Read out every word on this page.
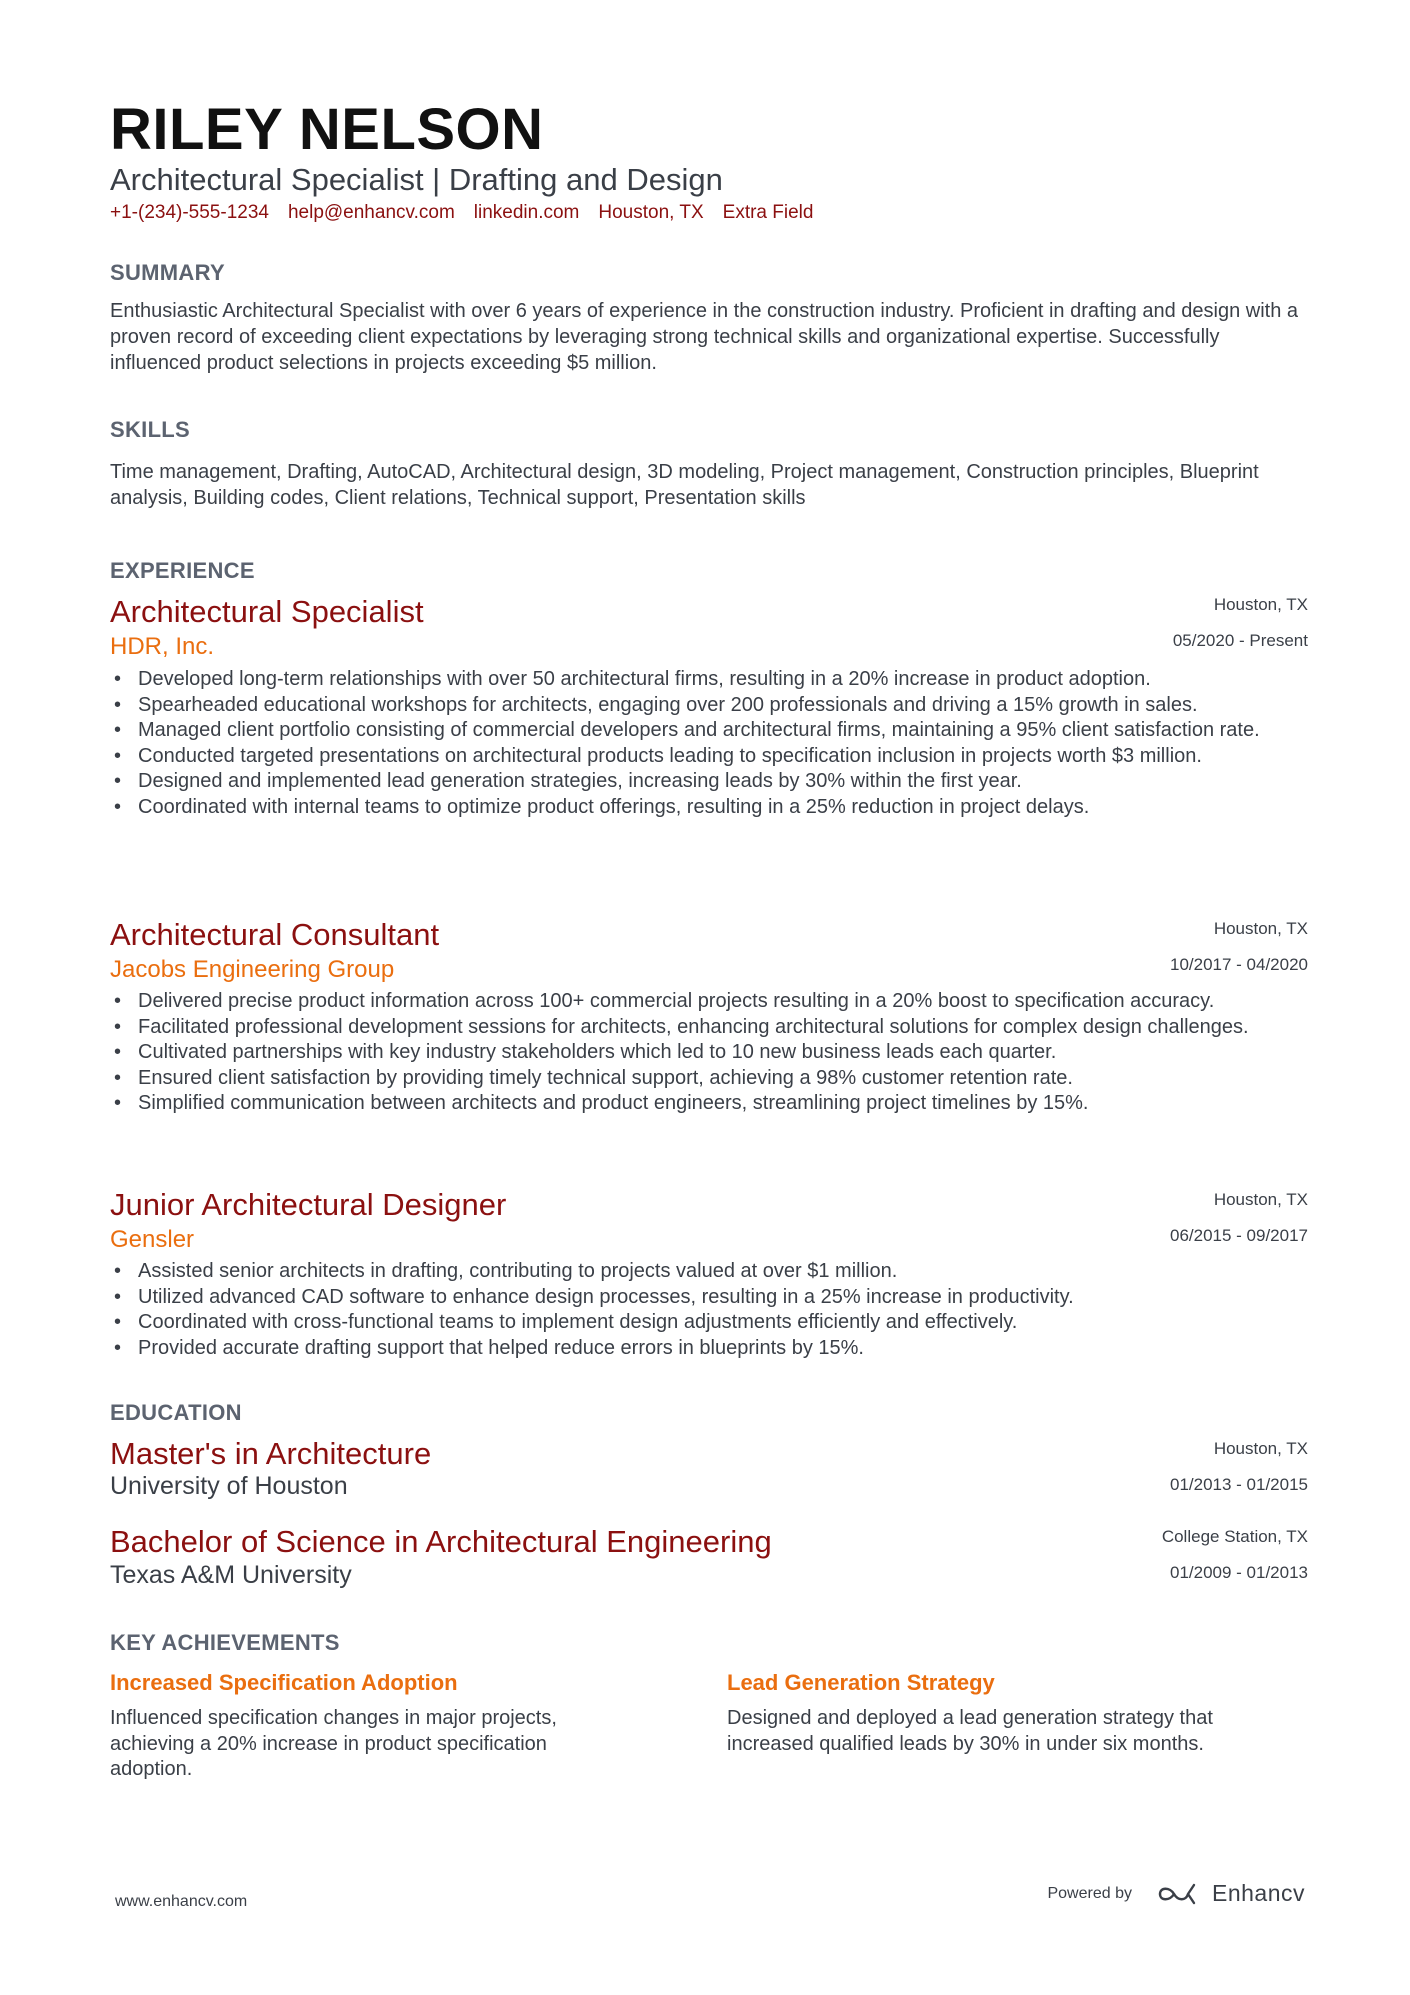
RILEY NELSON
Architectural Specialist | Drafting and Design
+1-(234)-555-1234 help@enhancv.com linkedin.com Houston, TX Extra Field
SUMMARY
Enthusiastic Architectural Specialist with over 6 years of experience in the construction industry. Proficient in drafting and design with a proven record of exceeding client expectations by leveraging strong technical skills and organizational expertise. Successfully influenced product selections in projects exceeding $5 million.
SKILLS
Time management, Drafting, AutoCAD, Architectural design, 3D modeling, Project management, Construction principles, Blueprint analysis, Building codes, Client relations, Technical support, Presentation skills
EXPERIENCE
Architectural Specialist	Houston, TX
HDR, Inc.	05/2020 - Present
• Developed long-term relationships with over 50 architectural firms, resulting in a 20% increase in product adoption.
• Spearheaded educational workshops for architects, engaging over 200 professionals and driving a 15% growth in sales.
• Managed client portfolio consisting of commercial developers and architectural firms, maintaining a 95% client satisfaction rate.
• Conducted targeted presentations on architectural products leading to specification inclusion in projects worth $3 million.
• Designed and implemented lead generation strategies, increasing leads by 30% within the first year.
• Coordinated with internal teams to optimize product offerings, resulting in a 25% reduction in project delays.
Architectural Consultant	Houston, TX
Jacobs Engineering Group	10/2017 - 04/2020
• Delivered precise product information across 100+ commercial projects resulting in a 20% boost to specification accuracy.
• Facilitated professional development sessions for architects, enhancing architectural solutions for complex design challenges.
• Cultivated partnerships with key industry stakeholders which led to 10 new business leads each quarter.
• Ensured client satisfaction by providing timely technical support, achieving a 98% customer retention rate.
• Simplified communication between architects and product engineers, streamlining project timelines by 15%.
Junior Architectural Designer	Houston, TX
Gensler	06/2015 - 09/2017
• Assisted senior architects in drafting, contributing to projects valued at over $1 million.
• Utilized advanced CAD software to enhance design processes, resulting in a 25% increase in productivity.
• Coordinated with cross-functional teams to implement design adjustments efficiently and effectively.
• Provided accurate drafting support that helped reduce errors in blueprints by 15%.
EDUCATION
Master's in Architecture	Houston, TX
University of Houston	01/2013 - 01/2015
Bachelor of Science in Architectural Engineering	College Station, TX
Texas A&M University	01/2009 - 01/2013
KEY ACHIEVEMENTS
Increased Specification Adoption
Influenced specification changes in major projects, achieving a 20% increase in product specification adoption.
Lead Generation Strategy
Designed and deployed a lead generation strategy that increased qualified leads by 30% in under six months.
www.enhancv.com	Powered by	Enhancv
